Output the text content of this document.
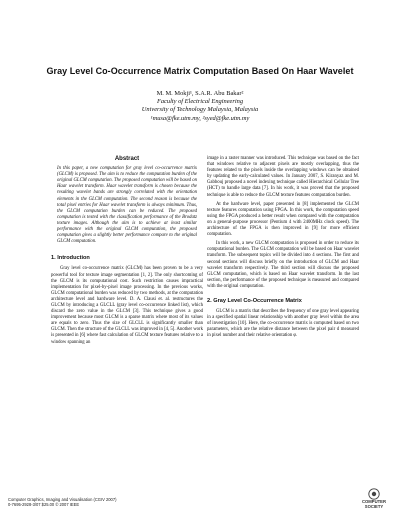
Gray Level Co-Occurrence Matrix Computation Based On Haar Wavelet
M. M. Mokji¹, S.A.R. Abu Bakar²
Faculty of Electrical Engineering
University of Technology Malaysia, Malaysia
¹musa@fke.utm.my, ²syed@fke.utm.my
Abstract
In this paper, a new computation for gray level co-occurrence matrix (GLCM) is proposed. The aim is to reduce the computation burden of the original GLCM computation. The proposed computation will be based on Haar wavelet transform. Haar wavelet transform is chosen because the resulting wavelet bands are strongly correlated with the orientation elements in the GLCM computation. The second reason is because the total pixel entries for Haar wavelet transform is always minimum. Thus, the GLCM computation burden can be reduced. The proposed computation is tested with the classification performance of the Brodatz texture images. Although the aim is to achieve at least similar performance with the original GLCM computation, the proposed computation gives a slightly better performance compare to the original GLCM computation.
1. Introduction
Gray level co-occurrence matrix (GLCM) has been proven to be a very powerful tool for texture image segmentation [1, 2]. The only shortcoming of the GLCM is its computational cost. Such restriction causes impractical implementation for pixel-by-pixel image processing. In the previous works, GLCM computational burden was reduced by two methods, at the computation architecture level and hardware level. D. A. Clausi et. al. restructures the GLCM by introducing a GLCLL (gray level co-occurrence linked list), which discard the zero value in the GLCM [3]. This technique gives a good improvement because most GLCM is a sparse matrix where most of its values are equals to zero. Thus the size of GLCLL is significantly smaller than GLCM. Then the structure of the GLCLL was improved in [4, 5]. Another work is presented in [6] where fast calculation of GLCM texture features relative to a window spanning an
image in a raster manner was introduced. This technique was based on the fact that windows relative to adjacent pixels are mostly overlapping, thus the features related to the pixels inside the overlapping windows can be obtained by updating the early-calculated values. In January 2007, S. Kiranyaz and M. Gabbouj proposed a novel indexing technique called Hierarchical Cellular Tree (HCT) to handle large data [7]. In his work, it was proved that the proposed technique is able to reduce the GLCM texture features computation burden.
At the hardware level, paper presented in [8] implemented the GLCM texture features computation using FPGA. In this work, the computation speed using the FPGA produced a better result when compared with the computation on a general-purpose processor (Pentium 4 with 2400MHz clock speed). The architecture of the FPGA is then improved in [9] for more efficient computation.
In this work, a new GLCM computation is proposed in order to reduce its computational burden. The GLCM computation will be based on Haar wavelet transform. The subsequent topics will be divided into 4 sections. The first and second sections will discuss briefly on the introduction of GLCM and Haar wavelet transform respectively. The third section will discuss the proposed GLCM computation, which is based on Haar wavelet transform. In the last section, the performance of the proposed technique is measured and compared with the original computation.
2. Gray Level Co-Occurrence Matrix
GLCM is a matrix that describes the frequency of one gray level appearing in a specified spatial linear relationship with another gray level within the area of investigation [10]. Here, the co-occurrence matrix is computed based on two parameters, which are the relative distance between the pixel pair d measured in pixel number and their relative orientation φ.
Computer Graphics, Imaging and Visualisation (CGIV 2007)
0-7695-2928-3/07 $25.00 © 2007 IEEE
COMPUTER
SOCIETY
